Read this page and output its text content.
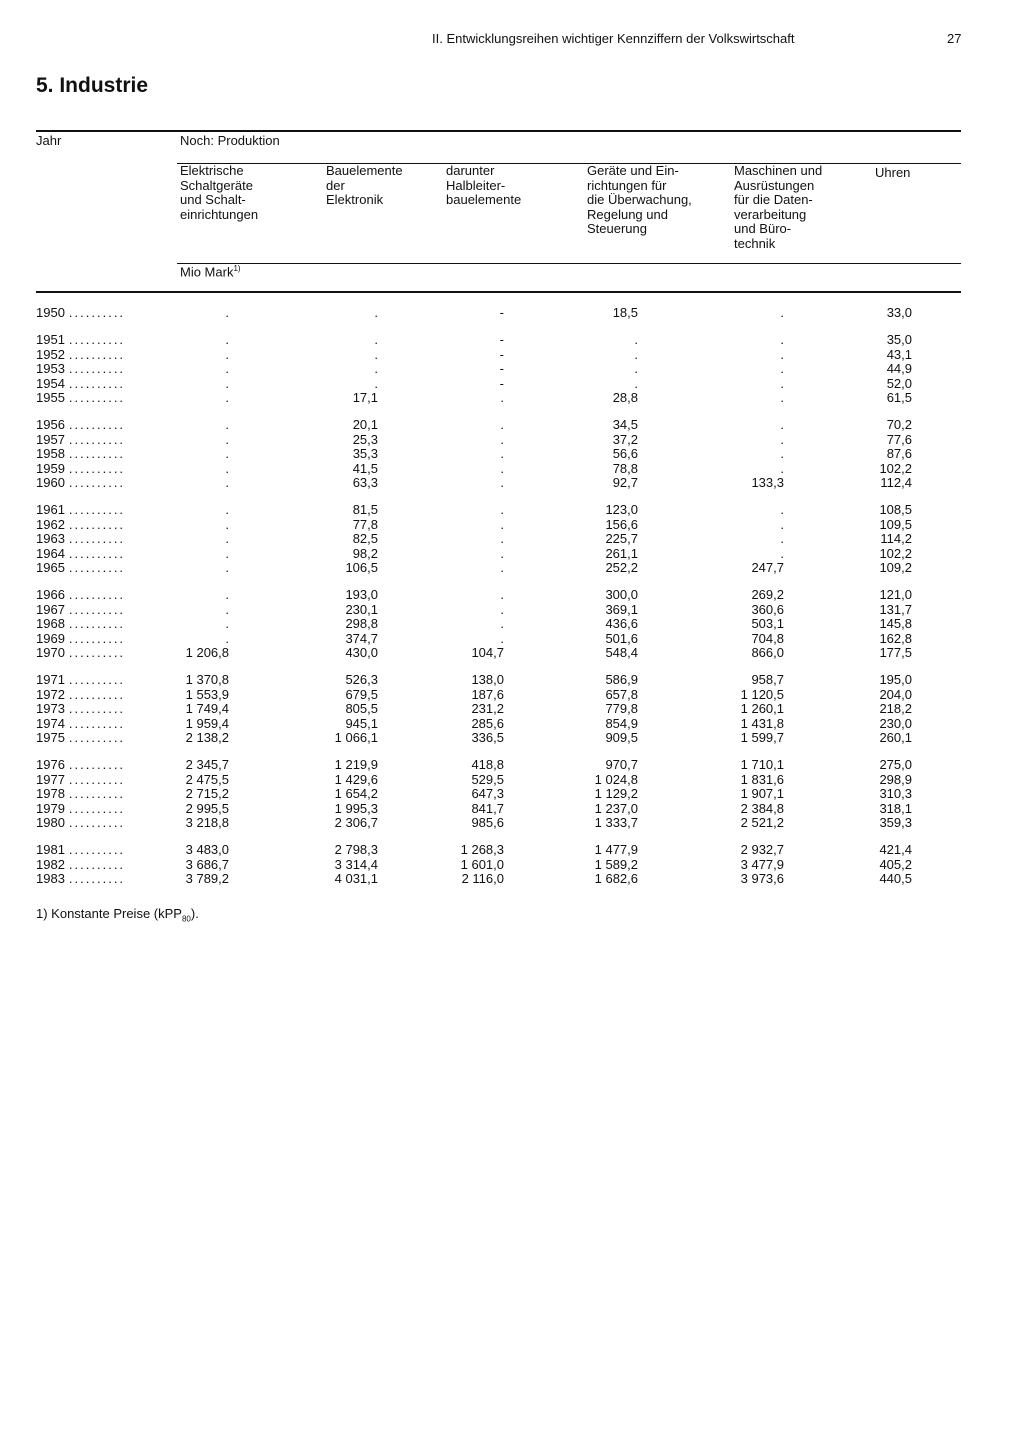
II. Entwicklungsreihen wichtiger Kennziffern der Volkswirtschaft	27
5. Industrie
Jahr	Noch: Produktion
Elektrische
Schaltgeräte
und Schalt-
einrichtungen
Bauelemente
der
Elektronik
darunter
Halbleiter-
bauelemente
Geräte und Ein-
richtungen für
die Überwachung,
Regelung und
Steuerung
Maschinen und
Ausrüstungen
für die Daten-
verarbeitung
und Büro-
technik
Uhren
Mio Mark$^{1)}$
1950 ..........	.	.	-	18,5	.	33,0
1951 ..........	.	.	-	.	.	35,0
1952 ..........	.	.	-	.	.	43,1
1953 ..........	.	.	-	.	.	44,9
1954 ..........	.	.	-	.	.	52,0
1955 ..........	.	17,1	.	28,8	.	61,5
1956 ..........	.	20,1	.	34,5	.	70,2
1957 ..........	.	25,3	.	37,2	.	77,6
1958 ..........	.	35,3	.	56,6	.	87,6
1959 ..........	.	41,5	.	78,8	.	102,2
1960 ..........	.	63,3	.	92,7	133,3	112,4
1961 ..........	.	81,5	.	123,0	.	108,5
1962 ..........	.	77,8	.	156,6	.	109,5
1963 ..........	.	82,5	.	225,7	.	114,2
1964 ..........	.	98,2	.	261,1	.	102,2
1965 ..........	.	106,5	.	252,2	247,7	109,2
1966 ..........	.	193,0	.	300,0	269,2	121,0
1967 ..........	.	230,1	.	369,1	360,6	131,7
1968 ..........	.	298,8	.	436,6	503,1	145,8
1969 ..........	.	374,7	.	501,6	704,8	162,8
1970 ..........	1 206,8	430,0	104,7	548,4	866,0	177,5
1971 ..........	1 370,8	526,3	138,0	586,9	958,7	195,0
1972 ..........	1 553,9	679,5	187,6	657,8	1 120,5	204,0
1973 ..........	1 749,4	805,5	231,2	779,8	1 260,1	218,2
1974 ..........	1 959,4	945,1	285,6	854,9	1 431,8	230,0
1975 ..........	2 138,2	1 066,1	336,5	909,5	1 599,7	260,1
1976 ..........	2 345,7	1 219,9	418,8	970,7	1 710,1	275,0
1977 ..........	2 475,5	1 429,6	529,5	1 024,8	1 831,6	298,9
1978 ..........	2 715,2	1 654,2	647,3	1 129,2	1 907,1	310,3
1979 ..........	2 995,5	1 995,3	841,7	1 237,0	2 384,8	318,1
1980 ..........	3 218,8	2 306,7	985,6	1 333,7	2 521,2	359,3
1981 ..........	3 483,0	2 798,3	1 268,3	1 477,9	2 932,7	421,4
1982 ..........	3 686,7	3 314,4	1 601,0	1 589,2	3 477,9	405,2
1983 ..........	3 789,2	4 031,1	2 116,0	1 682,6	3 973,6	440,5
1) Konstante Preise (kPP$_{80}$).
